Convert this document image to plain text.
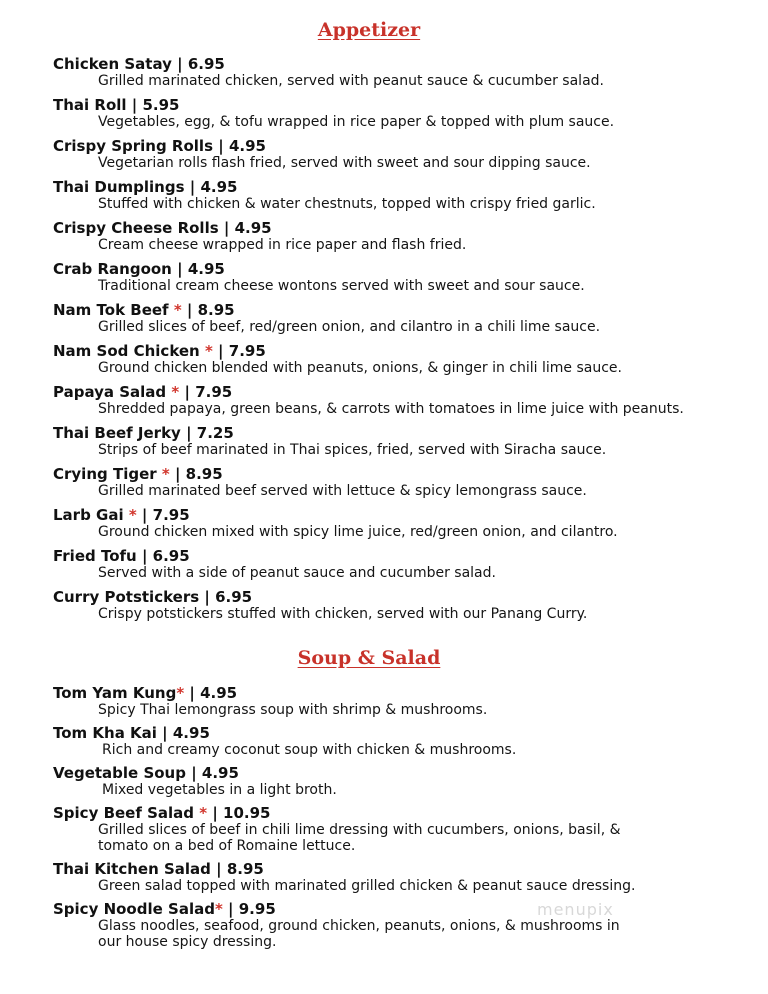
Appetizer
Chicken Satay | 6.95
Grilled marinated chicken, served with peanut sauce & cucumber salad.
Thai Roll | 5.95
Vegetables, egg, & tofu wrapped in rice paper & topped with plum sauce.
Crispy Spring Rolls | 4.95
Vegetarian rolls flash fried, served with sweet and sour dipping sauce.
Thai Dumplings | 4.95
Stuffed with chicken & water chestnuts, topped with crispy fried garlic.
Crispy Cheese Rolls | 4.95
Cream cheese wrapped in rice paper and flash fried.
Crab Rangoon | 4.95
Traditional cream cheese wontons served with sweet and sour sauce.
Nam Tok Beef * | 8.95
Grilled slices of beef, red/green onion, and cilantro in a chili lime sauce.
Nam Sod Chicken * | 7.95
Ground chicken blended with peanuts, onions, & ginger in chili lime sauce.
Papaya Salad * | 7.95
Shredded papaya, green beans, & carrots with tomatoes in lime juice with peanuts.
Thai Beef Jerky | 7.25
Strips of beef marinated in Thai spices, fried, served with Siracha sauce.
Crying Tiger * | 8.95
Grilled marinated beef served with lettuce & spicy lemongrass sauce.
Larb Gai * | 7.95
Ground chicken mixed with spicy lime juice, red/green onion, and cilantro.
Fried Tofu | 6.95
Served with a side of peanut sauce and cucumber salad.
Curry Potstickers | 6.95
Crispy potstickers stuffed with chicken, served with our Panang Curry.
Soup & Salad
Tom Yam Kung* | 4.95
Spicy Thai lemongrass soup with shrimp & mushrooms.
Tom Kha Kai | 4.95
Rich and creamy coconut soup with chicken & mushrooms.
Vegetable Soup | 4.95
Mixed vegetables in a light broth.
Spicy Beef Salad * | 10.95
Grilled slices of beef in chili lime dressing with cucumbers, onions, basil, & tomato on a bed of Romaine lettuce.
Thai Kitchen Salad | 8.95
Green salad topped with marinated grilled chicken & peanut sauce dressing.
Spicy Noodle Salad* | 9.95
Glass noodles, seafood, ground chicken, peanuts, onions, & mushrooms in our house spicy dressing.
menupix
